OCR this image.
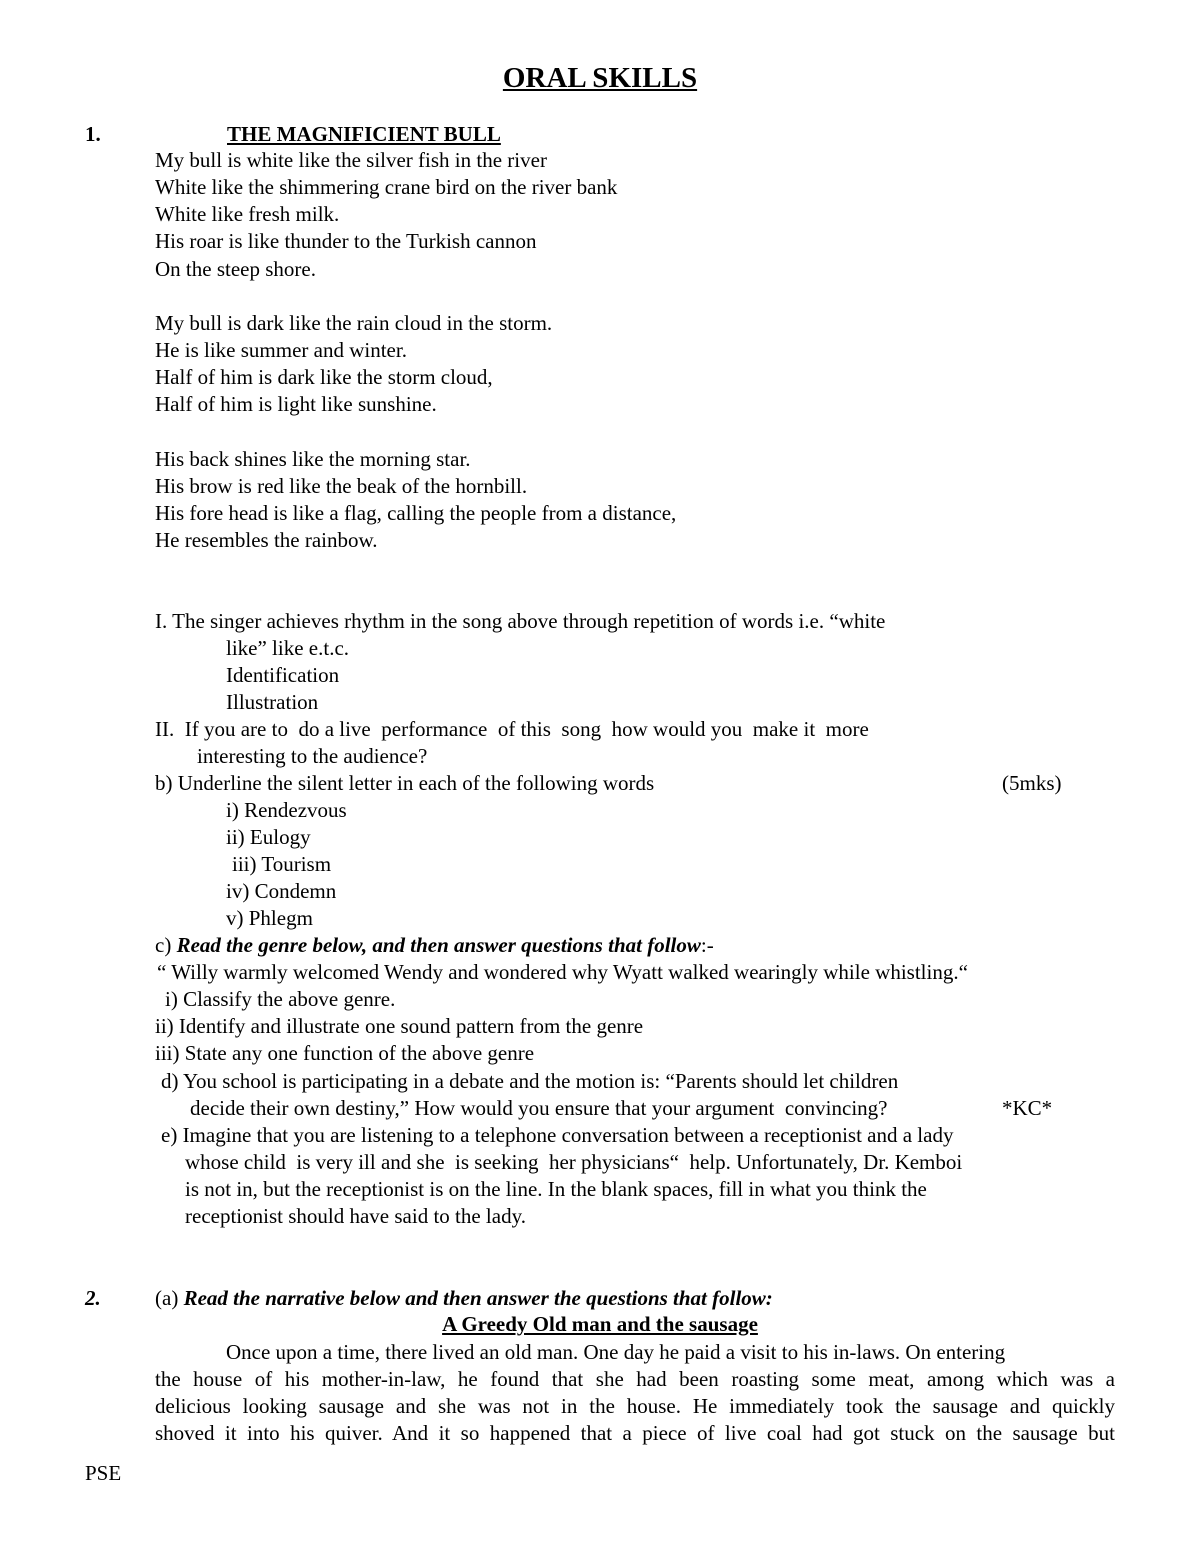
ORAL SKILLS
1.	THE MAGNIFICIENT BULL
My bull is white like the silver fish in the river
White like the shimmering crane bird on the river bank
White like fresh milk.
His roar is like thunder to the Turkish cannon
On the steep shore.
My bull is dark like the rain cloud in the storm.
He is like summer and winter.
Half of him is dark like the storm cloud,
Half of him is light like sunshine.
His back shines like the morning star.
His brow is red like the beak of the hornbill.
His fore head is like a flag, calling the people from a distance,
He resembles the rainbow.
I. The singer achieves rhythm in the song above through repetition of words i.e. “white
like” like e.t.c.
Identification
Illustration
II.  If you are to  do a live  performance  of this  song  how would you  make it  more
interesting to the audience?
b) Underline the silent letter in each of the following words	(5mks)
i) Rendezvous
ii) Eulogy
iii) Tourism
iv) Condemn
v) Phlegm
c) Read the genre below, and then answer questions that follow:-
“ Willy warmly welcomed Wendy and wondered why Wyatt walked wearingly while whistling.“
i) Classify the above genre.
ii) Identify and illustrate one sound pattern from the genre
iii) State any one function of the above genre
d) You school is participating in a debate and the motion is: “Parents should let children
decide their own destiny,” How would you ensure that your argument  convincing?	*KC*
e) Imagine that you are listening to a telephone conversation between a receptionist and a lady
whose child  is very ill and she  is seeking  her physicians“  help. Unfortunately, Dr. Kemboi
is not in, but the receptionist is on the line. In the blank spaces, fill in what you think the
receptionist should have said to the lady.
2.	(a) Read the narrative below and then answer the questions that follow:
A Greedy Old man and the sausage
Once upon a time, there lived an old man. One day he paid a visit to his in-laws. On entering
the house of his mother-in-law, he found that she had been roasting some meat, among which was a
delicious looking sausage and she was not in the house. He immediately took the sausage and quickly
shoved it into his quiver. And it so happened that a piece of live coal had got stuck on the sausage but
PSE
